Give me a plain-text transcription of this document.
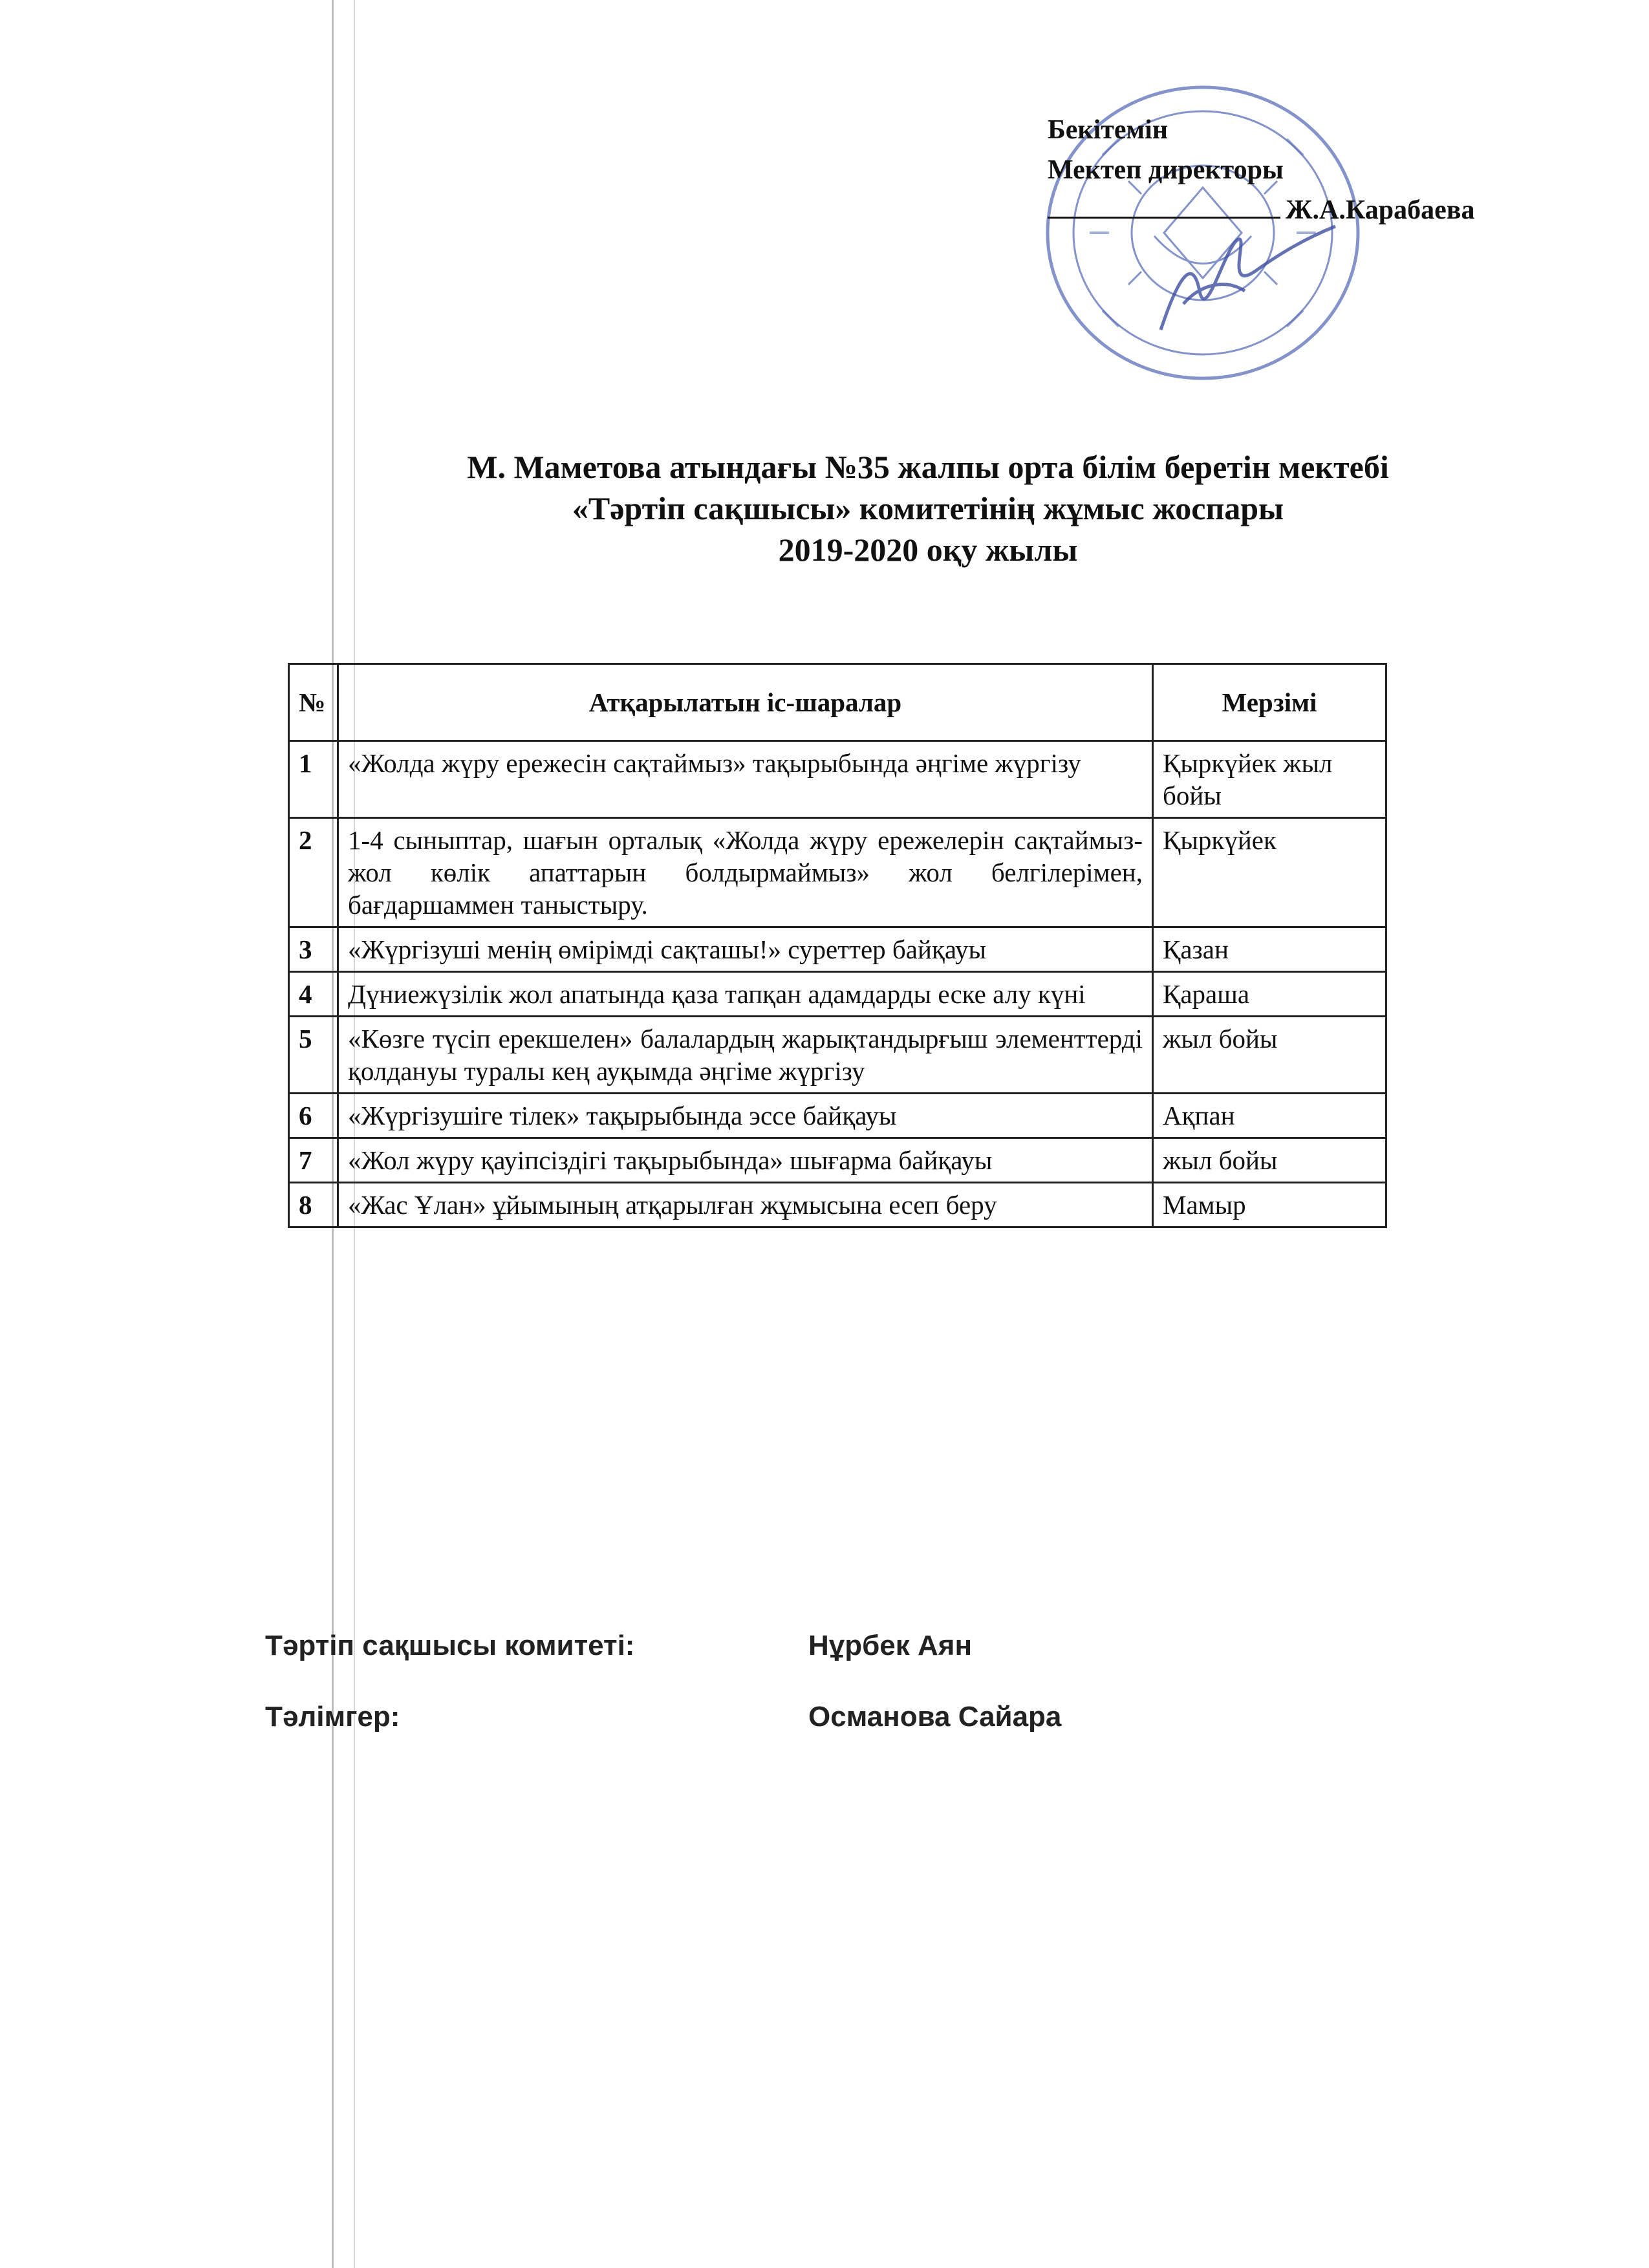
Бекітемін
Мектеп директоры
Ж.А.Карабаева
М. Маметова атындағы №35 жалпы орта білім беретін мектебі
«Тәртіп сақшысы» комитетінің жұмыс жоспары
2019-2020 оқу жылы
№	Атқарылатын іс-шаралар	Мерзімі
1	«Жолда жүру ережесін сақтаймыз» тақырыбында әңгіме жүргізу	Қыркүйек жыл бойы
2	1-4 сыныптар, шағын орталық «Жолда жүру ережелерін сақтаймыз- жол көлік апаттарын болдырмаймыз» жол белгілерімен, бағдаршаммен таныстыру.	Қыркүйек
3	«Жүргізуші менің өмірімді сақташы!» суреттер байқауы	Қазан
4	Дүниежүзілік жол апатында қаза тапқан адамдарды еске алу күні	Қараша
5	«Көзге түсіп ерекшелен» балалардың жарықтандырғыш элементтерді қолдануы туралы кең ауқымда әңгіме жүргізу	жыл бойы
6	«Жүргізушіге тілек» тақырыбында эссе байқауы	Ақпан
7	«Жол жүру қауіпсіздігі тақырыбында» шығарма байқауы	жыл бойы
8	«Жас Ұлан» ұйымының атқарылған жұмысына есеп беру	Мамыр
Тәртіп сақшысы комитеті:	Нұрбек Аян
Тәлімгер:	Османова Сайара
